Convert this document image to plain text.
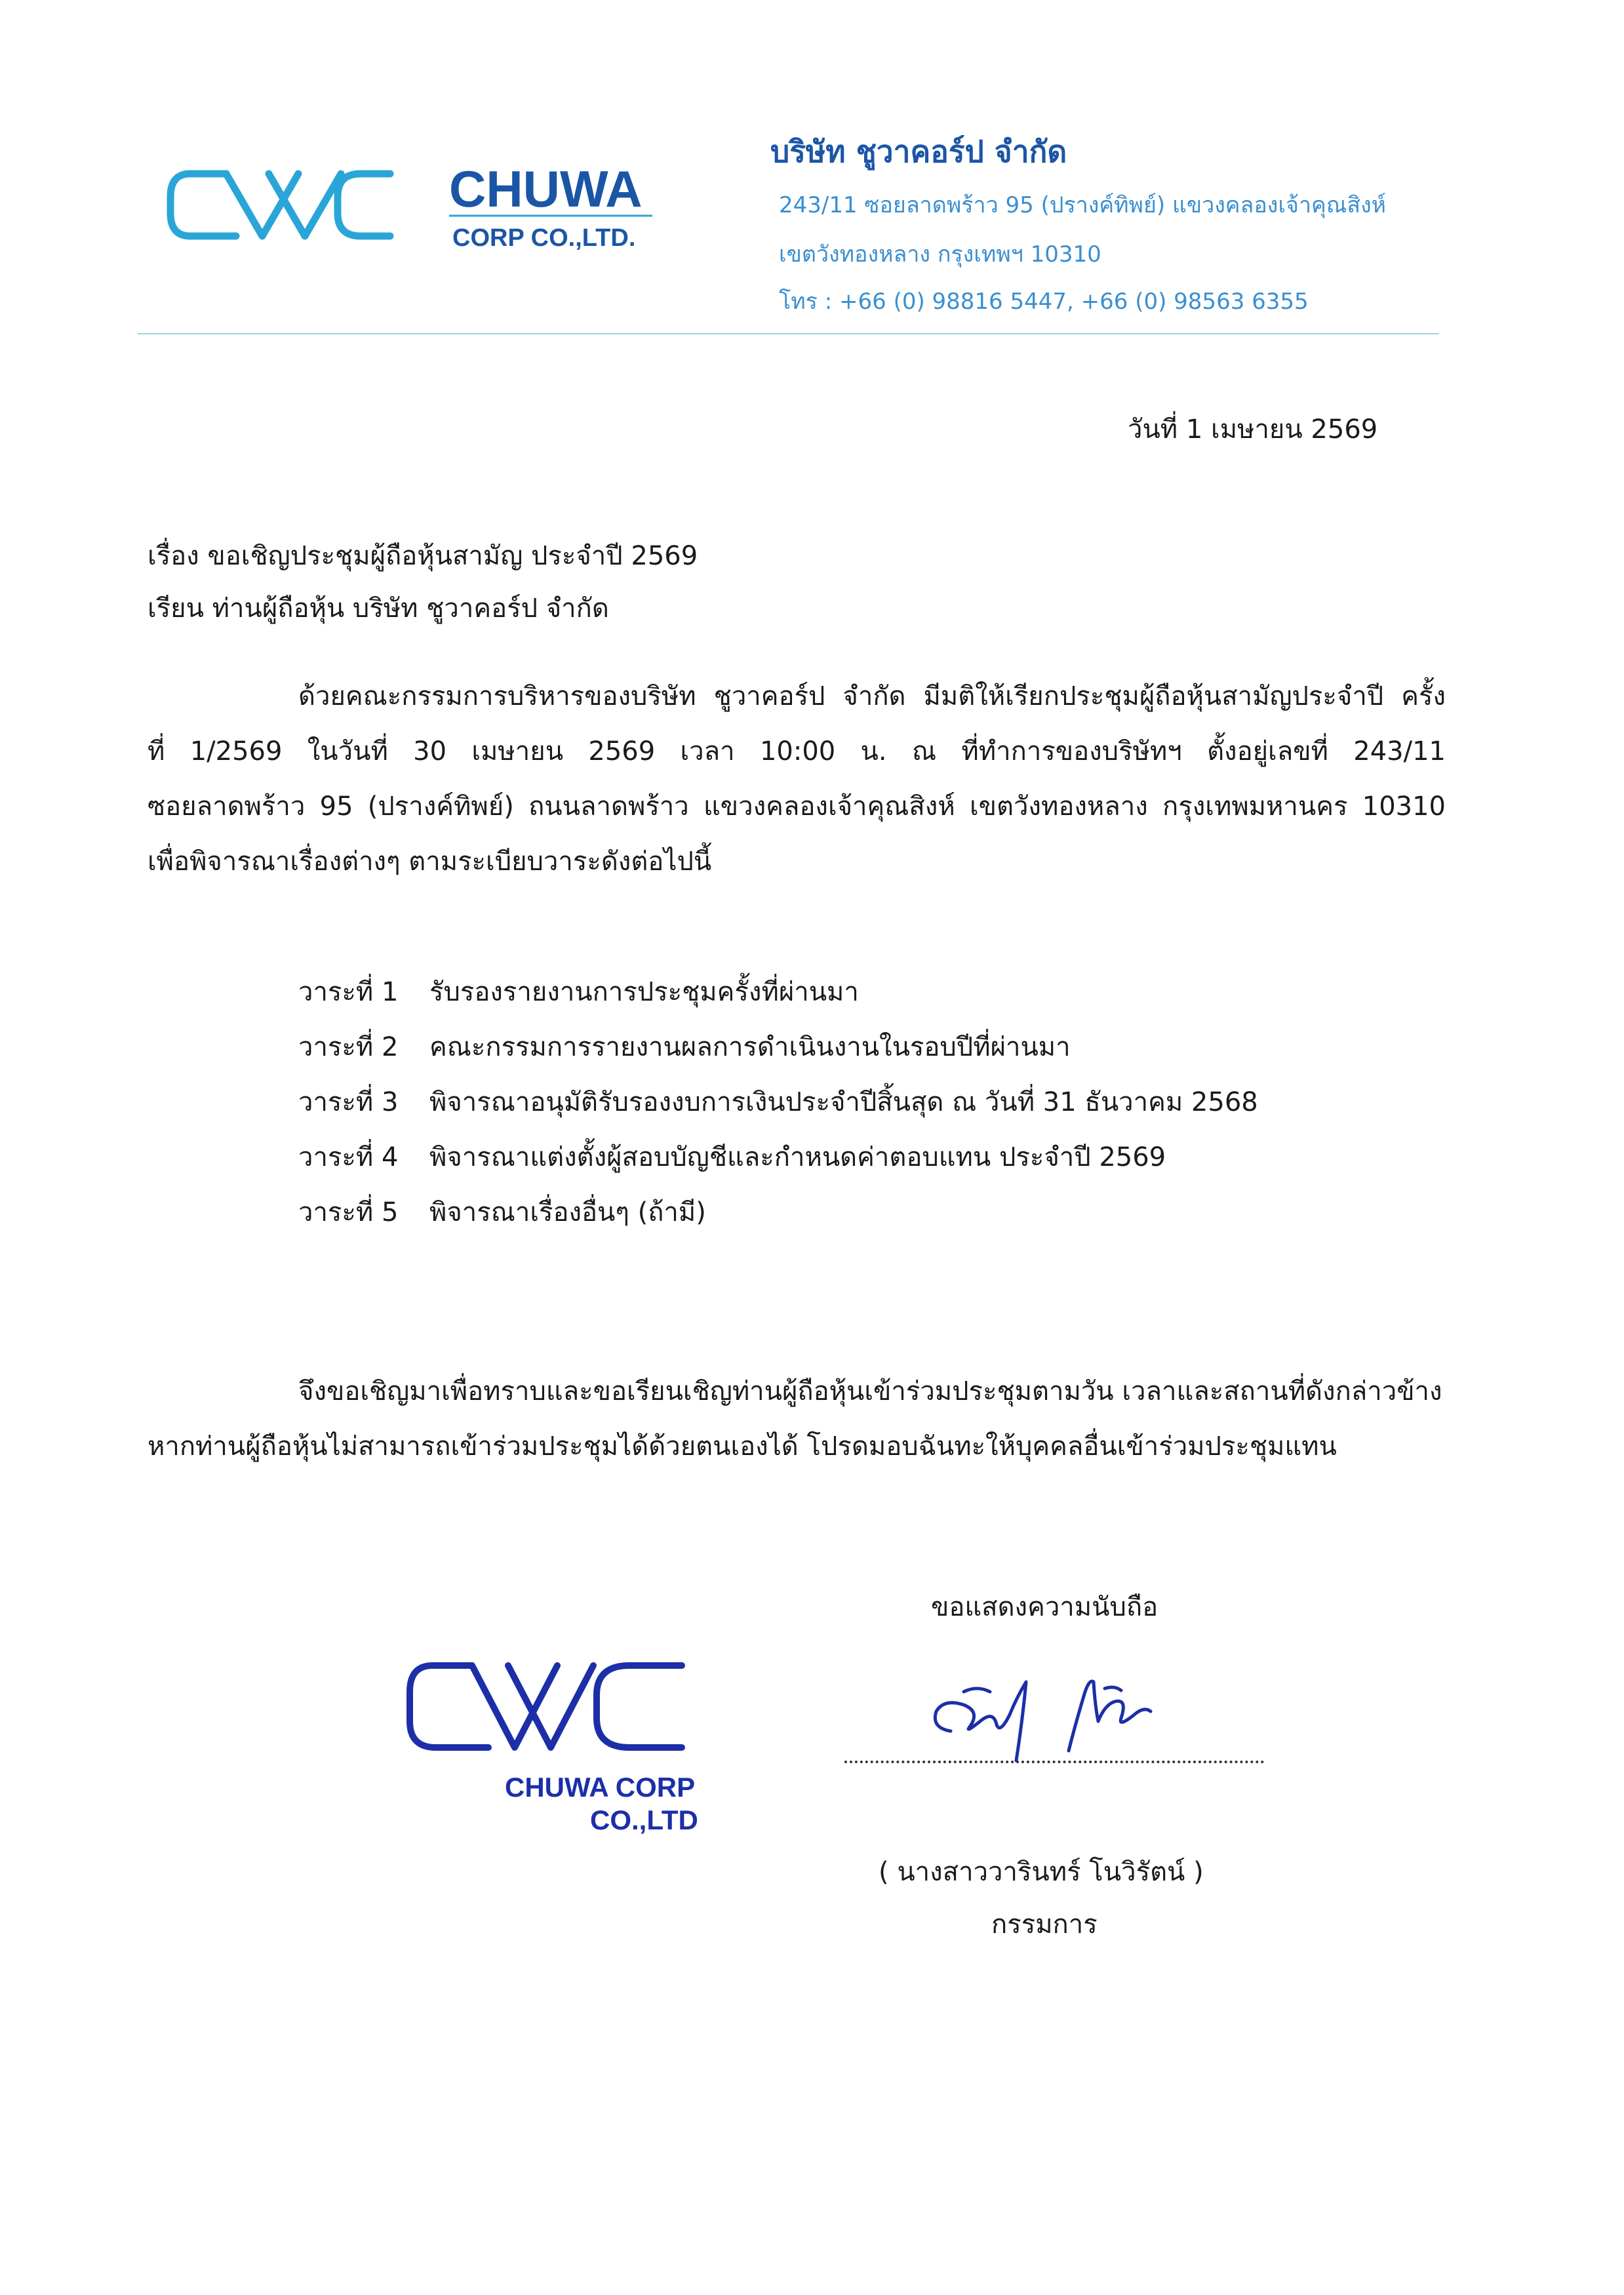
CHUWA
CORP CO.,LTD.
บริษัท ชูวาคอร์ป จำกัด
243/11 ซอยลาดพร้าว 95 (ปรางค์ทิพย์) แขวงคลองเจ้าคุณสิงห์
เขตวังทองหลาง กรุงเทพฯ 10310
โทร : +66 (0) 98816 5447, +66 (0) 98563 6355
วันที่ 1 เมษายน 2569
เรื่อง ขอเชิญประชุมผู้ถือหุ้นสามัญ ประจำปี 2569
เรียน ท่านผู้ถือหุ้น บริษัท ชูวาคอร์ป จำกัด
ด้วยคณะกรรมการบริหารของบริษัท ชูวาคอร์ป จำกัด มีมติให้เรียกประชุมผู้ถือหุ้นสามัญประจำปี ครั้ง
ที่ 1/2569 ในวันที่ 30 เมษายน 2569 เวลา 10:00 น. ณ ที่ทำการของบริษัทฯ ตั้งอยู่เลขที่ 243/11
ซอยลาดพร้าว 95 (ปรางค์ทิพย์) ถนนลาดพร้าว แขวงคลองเจ้าคุณสิงห์ เขตวังทองหลาง กรุงเทพมหานคร 10310
เพื่อพิจารณาเรื่องต่างๆ ตามระเบียบวาระดังต่อไปนี้
วาระที่ 1	รับรองรายงานการประชุมครั้งที่ผ่านมา
วาระที่ 2	คณะกรรมการรายงานผลการดำเนินงานในรอบปีที่ผ่านมา
วาระที่ 3	พิจารณาอนุมัติรับรองงบการเงินประจำปีสิ้นสุด ณ วันที่ 31 ธันวาคม 2568
วาระที่ 4	พิจารณาแต่งตั้งผู้สอบบัญชีและกำหนดค่าตอบแทน ประจำปี 2569
วาระที่ 5	พิจารณาเรื่องอื่นๆ (ถ้ามี)
จึงขอเชิญมาเพื่อทราบและขอเรียนเชิญท่านผู้ถือหุ้นเข้าร่วมประชุมตามวัน เวลาและสถานที่ดังกล่าวข้าง
หากท่านผู้ถือหุ้นไม่สามารถเข้าร่วมประชุมได้ด้วยตนเองได้ โปรดมอบฉันทะให้บุคคลอื่นเข้าร่วมประชุมแทน
ขอแสดงความนับถือ
( นางสาววารินทร์ โนวิรัตน์ )
กรรมการ
CHUWA CORP
CO.,LTD
